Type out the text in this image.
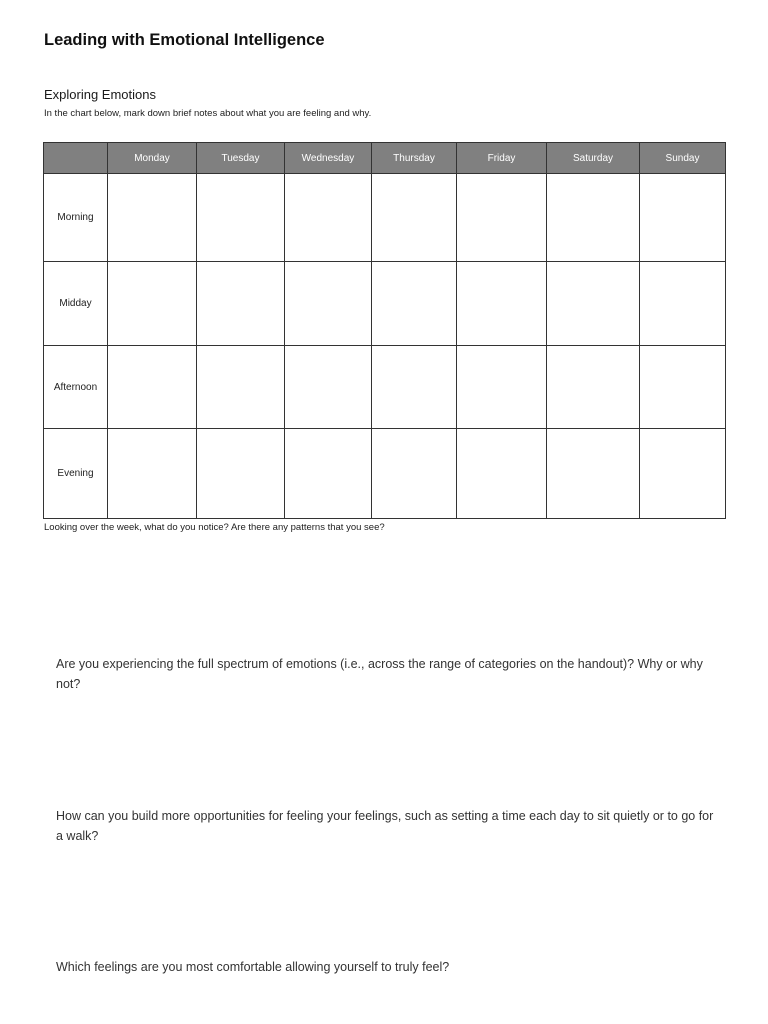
Leading with Emotional Intelligence
Exploring Emotions
In the chart below, mark down brief notes about what you are feeling and why.
	Monday	Tuesday	Wednesday	Thursday	Friday	Saturday	Sunday
Morning							
Midday							
Afternoon							
Evening							
Looking over the week, what do you notice? Are there any patterns that you see?
Are you experiencing the full spectrum of emotions (i.e., across the range of categories on the handout)? Why or why not?
How can you build more opportunities for feeling your feelings, such as setting a time each day to sit quietly or to go for a walk?
Which feelings are you most comfortable allowing yourself to truly feel?
